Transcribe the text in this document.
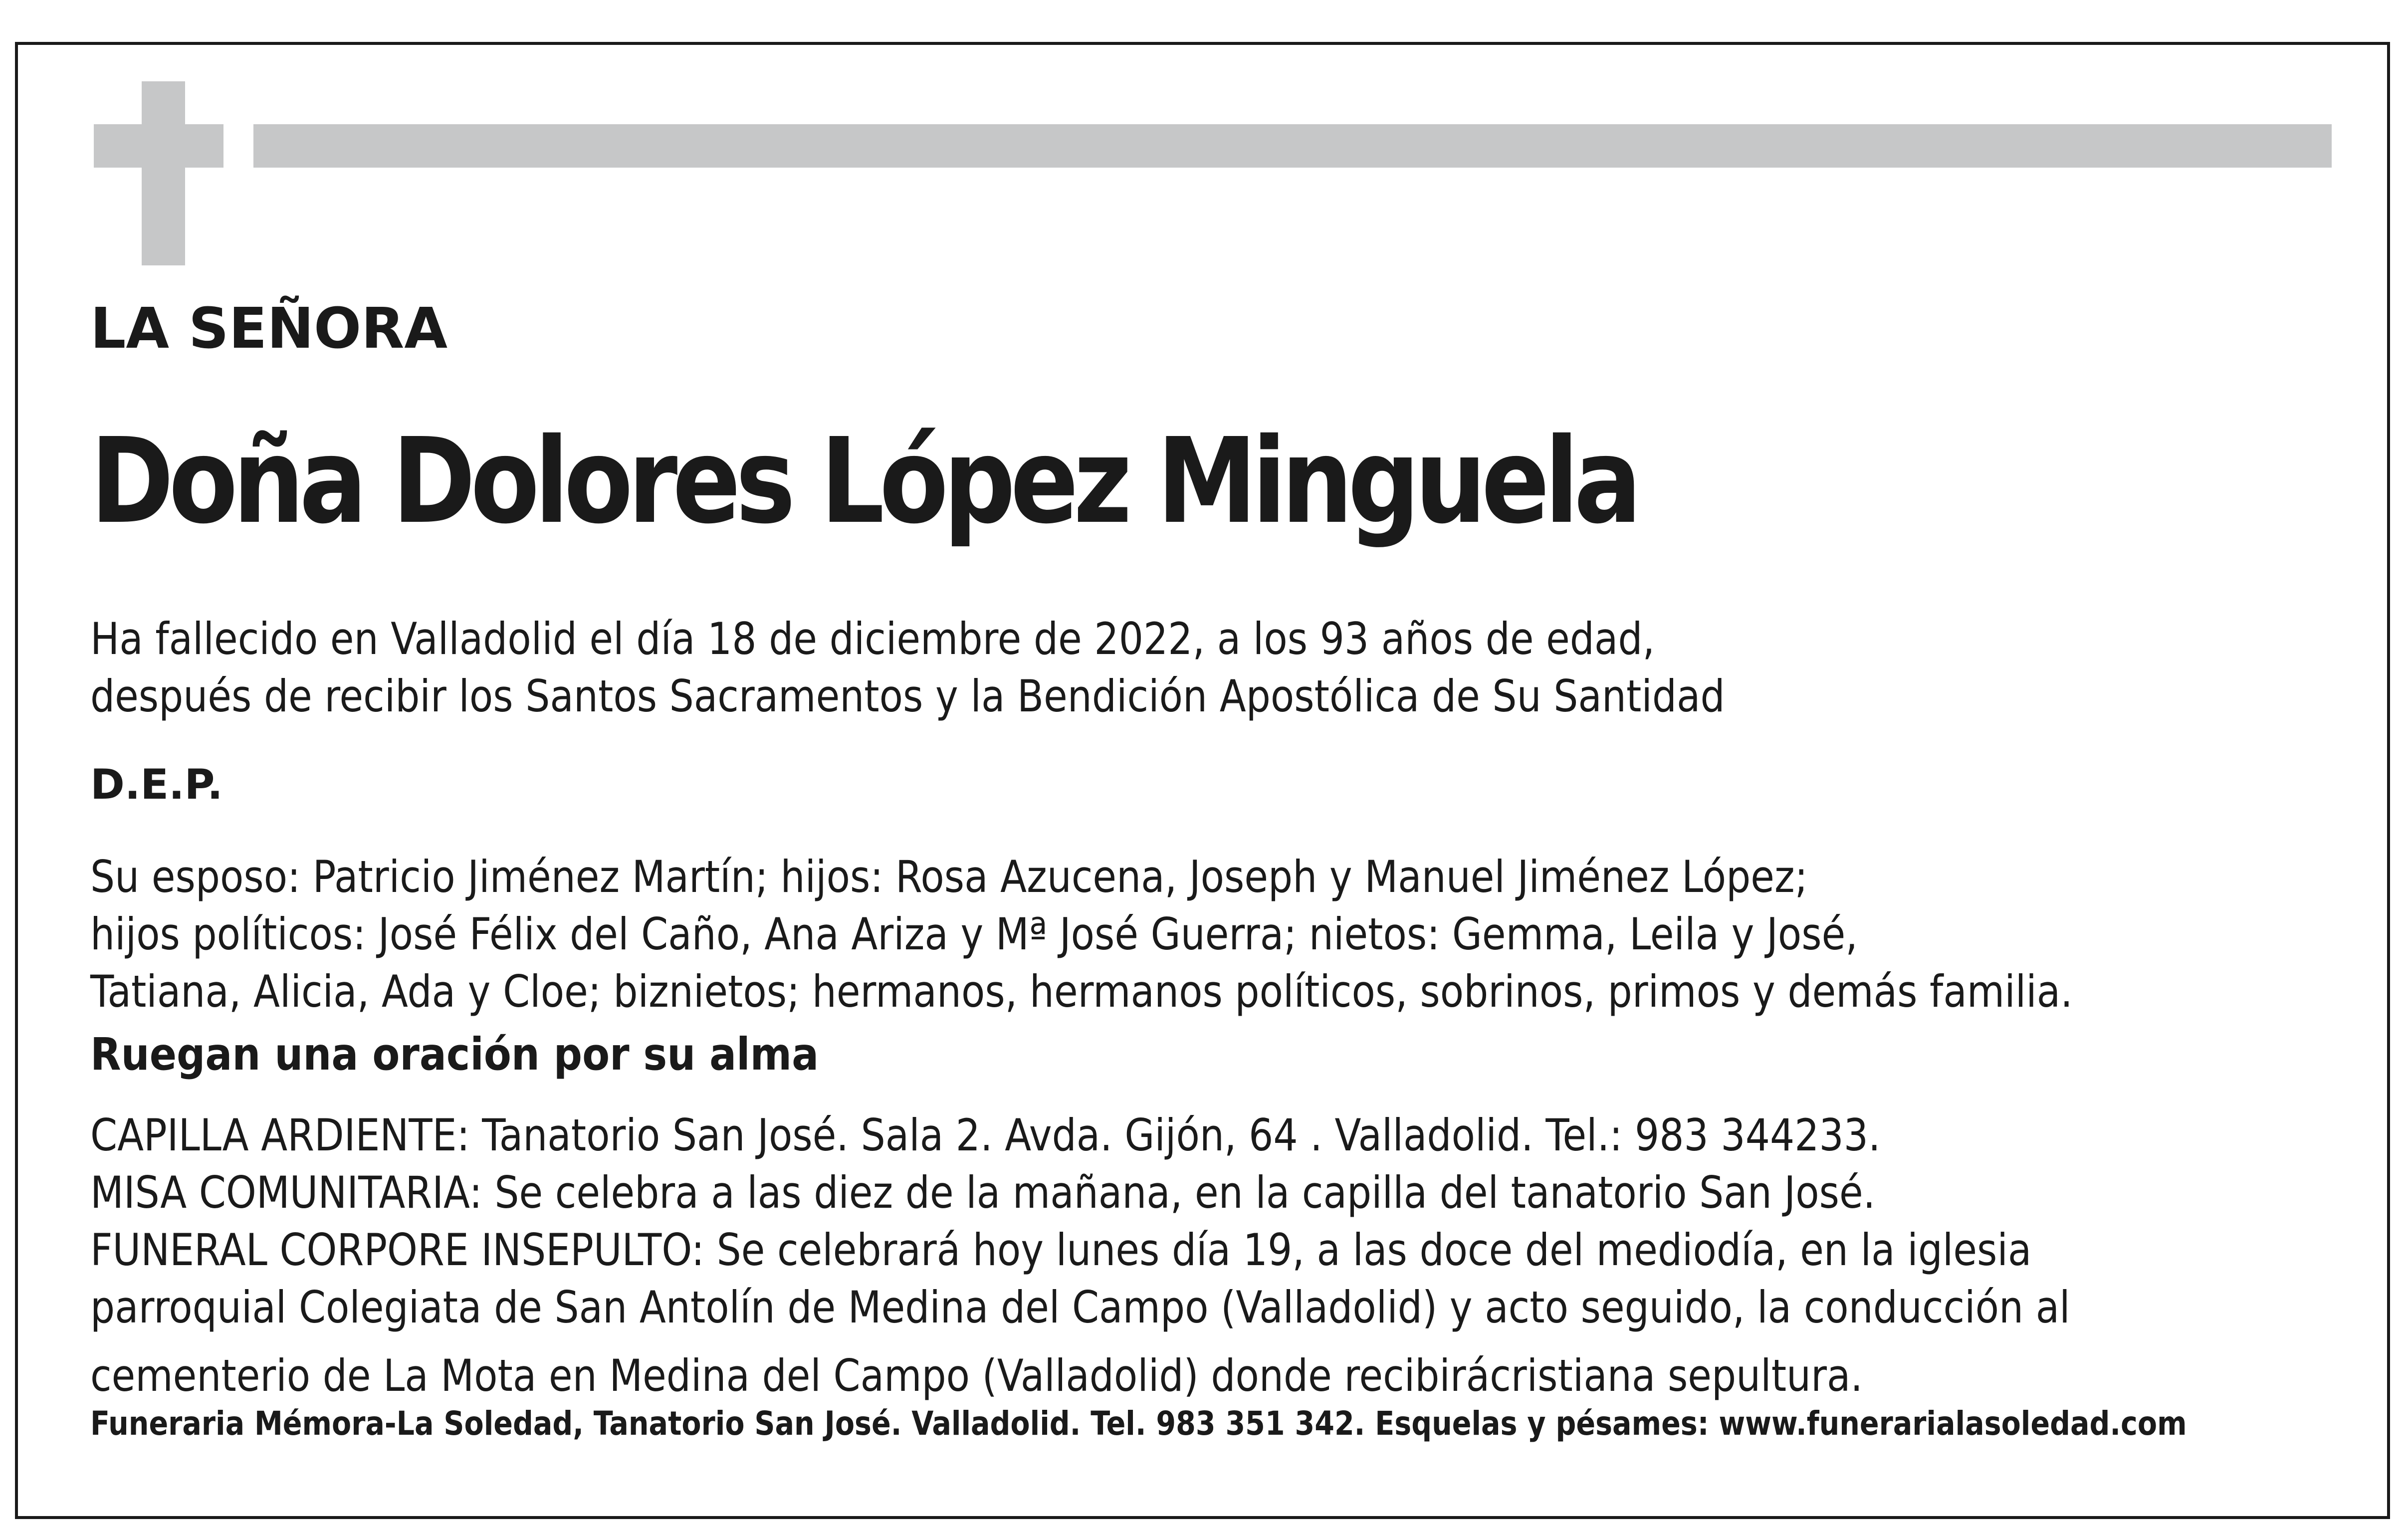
LA SEÑORA

Doña Dolores López Minguela

Ha fallecido en Valladolid el día 18 de diciembre de 2022, a los 93 años de edad,
después de recibir los Santos Sacramentos y la Bendición Apostólica de Su Santidad

D.E.P.

Su esposo: Patricio Jiménez Martín; hijos: Rosa Azucena, Joseph y Manuel Jiménez López;
hijos políticos: José Félix del Caño, Ana Ariza y Mª José Guerra; nietos: Gemma, Leila y José,
Tatiana, Alicia, Ada y Cloe; biznietos; hermanos, hermanos políticos, sobrinos, primos y demás familia.

Ruegan una oración por su alma

CAPILLA ARDIENTE: Tanatorio San José. Sala 2. Avda. Gijón, 64 . Valladolid. Tel.: 983 344233.
MISA COMUNITARIA: Se celebra a las diez de la mañana, en la capilla del tanatorio San José.
FUNERAL CORPORE INSEPULTO: Se celebrará hoy lunes día 19, a las doce del mediodía, en la iglesia
parroquial Colegiata de San Antolín de Medina del Campo (Valladolid) y acto seguido, la conducción al
cementerio de La Mota en Medina del Campo (Valladolid) donde recibirácristiana sepultura.

Funeraria Mémora-La Soledad, Tanatorio San José. Valladolid. Tel. 983 351 342. Esquelas y pésames: www.funerarialasoledad.com
